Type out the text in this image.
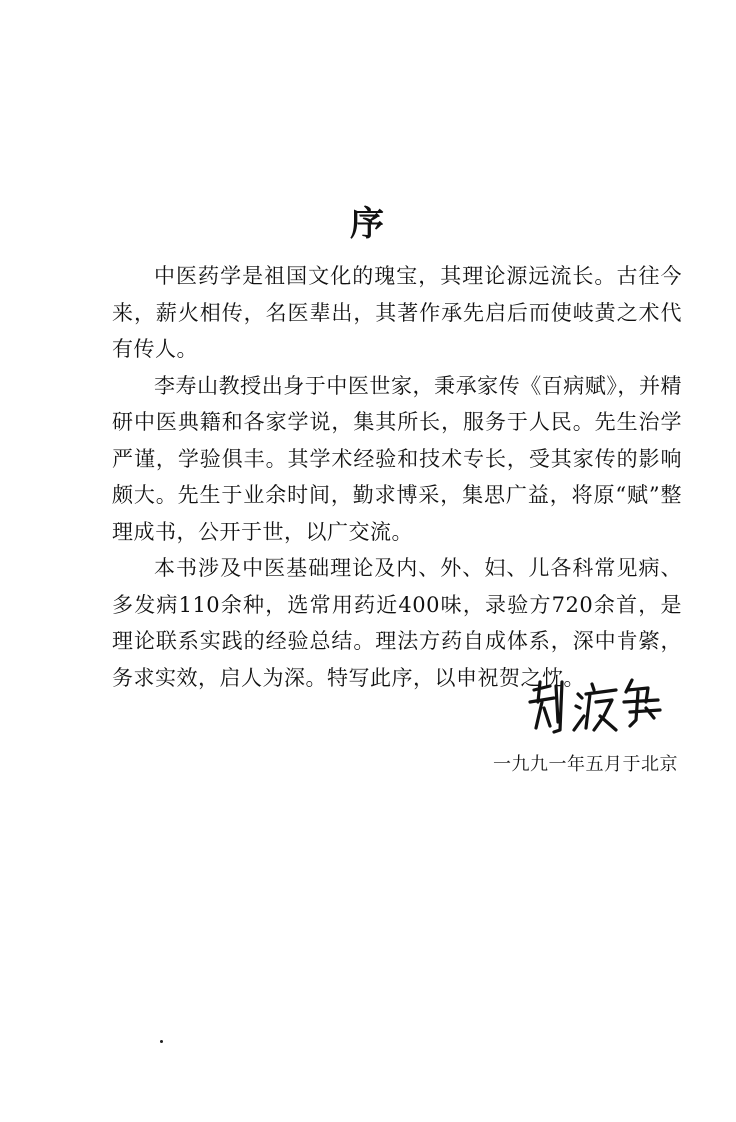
序

中医药学是祖国文化的瑰宝，其理论源远流长。古往今来，薪火相传，名医辈出，其著作承先启后而使岐黄之术代有传人。

李寿山教授出身于中医世家，秉承家传《百病赋》，并精研中医典籍和各家学说，集其所长，服务于人民。先生治学严谨，学验俱丰。其学术经验和技术专长，受其家传的影响颇大。先生于业余时间，勤求博采，集思广益，将原“赋”整理成书，公开于世，以广交流。

本书涉及中医基础理论及内、外、妇、儿各科常见病、多发病110余种，选常用药近400味，录验方720余首，是理论联系实践的经验总结。理法方药自成体系，深中肯綮，务求实效，启人为深。特写此序，以申祝贺之忱。

一九九一年五月于北京
